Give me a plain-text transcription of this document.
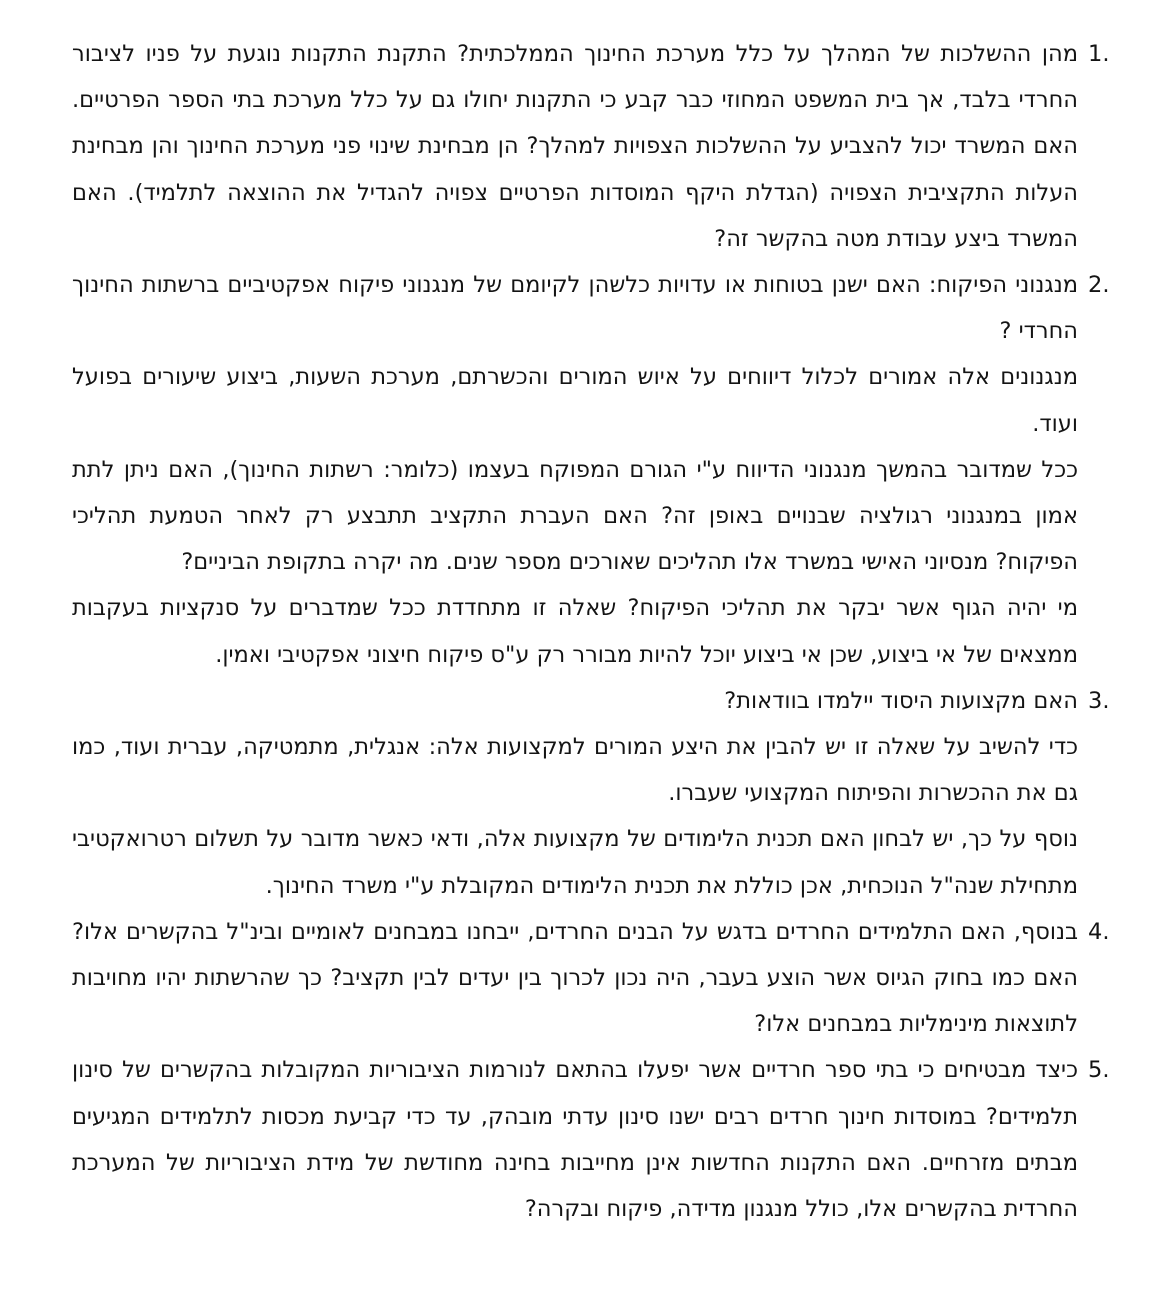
1.

מהן ההשלכות של המהלך על כלל מערכת החינוך הממלכתית? התקנת התקנות נוגעת על פניו לציבור החרדי בלבד, אך בית המשפט המחוזי כבר קבע כי התקנות יחולו גם על כלל מערכת בתי הספר הפרטיים. האם המשרד יכול להצביע על ההשלכות הצפויות למהלך? הן מבחינת שינוי פני מערכת החינוך והן מבחינת העלות התקציבית הצפויה (הגדלת היקף המוסדות הפרטיים צפויה להגדיל את ההוצאה לתלמיד). האם המשרד ביצע עבודת מטה בהקשר זה?

2.

מנגנוני הפיקוח: האם ישנן בטוחות או עדויות כלשהן לקיומם של מנגנוני פיקוח אפקטיביים ברשתות החינוך החרדי ?

מנגנונים אלה אמורים לכלול דיווחים על איוש המורים והכשרתם, מערכת השעות, ביצוע שיעורים בפועל ועוד.

ככל שמדובר בהמשך מנגנוני הדיווח ע"י הגורם המפוקח בעצמו (כלומר: רשתות החינוך), האם ניתן לתת אמון במנגנוני רגולציה שבנויים באופן זה? האם העברת התקציב תתבצע רק לאחר הטמעת תהליכי הפיקוח? מנסיוני האישי במשרד אלו תהליכים שאורכים מספר שנים. מה יקרה בתקופת הביניים?

מי יהיה הגוף אשר יבקר את תהליכי הפיקוח? שאלה זו מתחדדת ככל שמדברים על סנקציות בעקבות ממצאים של אי ביצוע, שכן אי ביצוע יוכל להיות מבורר רק ע"ס פיקוח חיצוני אפקטיבי ואמין.

3.

האם מקצועות היסוד יילמדו בוודאות?

כדי להשיב על שאלה זו יש להבין את היצע המורים למקצועות אלה: אנגלית, מתמטיקה, עברית ועוד, כמו גם את ההכשרות והפיתוח המקצועי שעברו.

נוסף על כך, יש לבחון האם תכנית הלימודים של מקצועות אלה, ודאי כאשר מדובר על תשלום רטרואקטיבי מתחילת שנה"ל הנוכחית, אכן כוללת את תכנית הלימודים המקובלת ע"י משרד החינוך.

4.

בנוסף, האם התלמידים החרדים בדגש על הבנים החרדים, ייבחנו במבחנים לאומיים ובינ"ל בהקשרים אלו? האם כמו בחוק הגיוס אשר הוצע בעבר, היה נכון לכרוך בין יעדים לבין תקציב? כך שהרשתות יהיו מחויבות לתוצאות מינימליות במבחנים אלו?

5.

כיצד מבטיחים כי בתי ספר חרדיים אשר יפעלו בהתאם לנורמות הציבוריות המקובלות בהקשרים של סינון תלמידים? במוסדות חינוך חרדים רבים ישנו סינון עדתי מובהק, עד כדי קביעת מכסות לתלמידים המגיעים מבתים מזרחיים. האם התקנות החדשות אינן מחייבות בחינה מחודשת של מידת הציבוריות של המערכת החרדית בהקשרים אלו, כולל מנגנון מדידה, פיקוח ובקרה?
